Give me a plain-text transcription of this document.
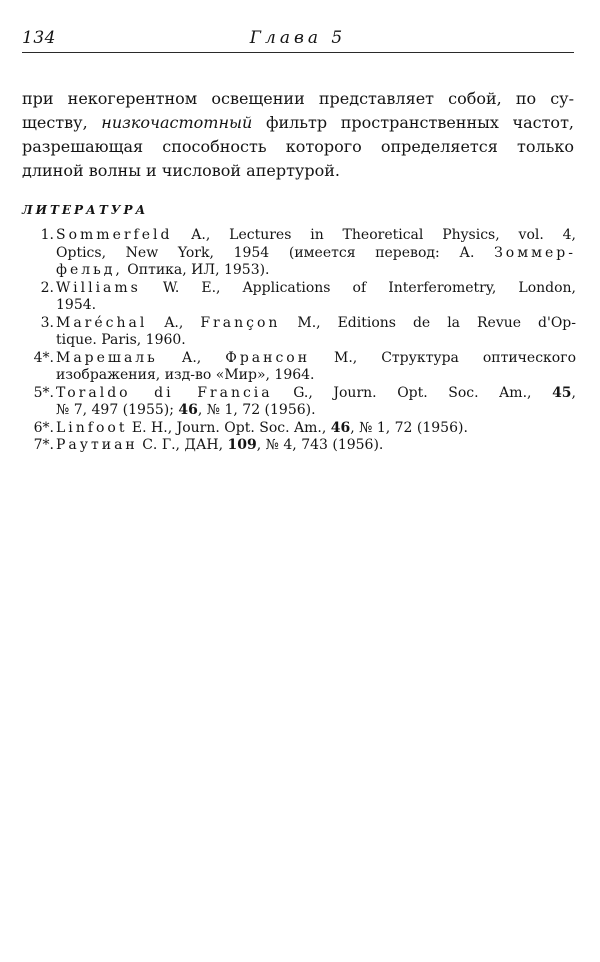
134	Глава 5
при некогерентном освещении представляет собой, по су-
ществу, низкочастотный фильтр пространственных частот,
разрешающая способность которого определяется только
длиной волны и числовой апертурой.
ЛИТЕРАТУРА
1. Sommerfeld A., Lectures in Theoretical Physics, vol. 4,
Optics, New York, 1954 (имеется перевод: А. Зоммер-
фельд, Оптика, ИЛ, 1953).
2. Williams W. E., Applications of Interferometry, London,
1954.
3. Maréchal A., Françon M., Editions de la Revue d'Op-
tique. Paris, 1960.
4*. Марешаль А., Франсон М., Структура оптического
изображения, изд-во «Мир», 1964.
5*. Toraldo di Francia G., Journ. Opt. Soc. Am., 45,
№ 7, 497 (1955); 46, № 1, 72 (1956).
6*. Linfoot E. H., Journ. Opt. Soc. Am., 46, № 1, 72 (1956).
7*. Раутиан С. Г., ДАН, 109, № 4, 743 (1956).
